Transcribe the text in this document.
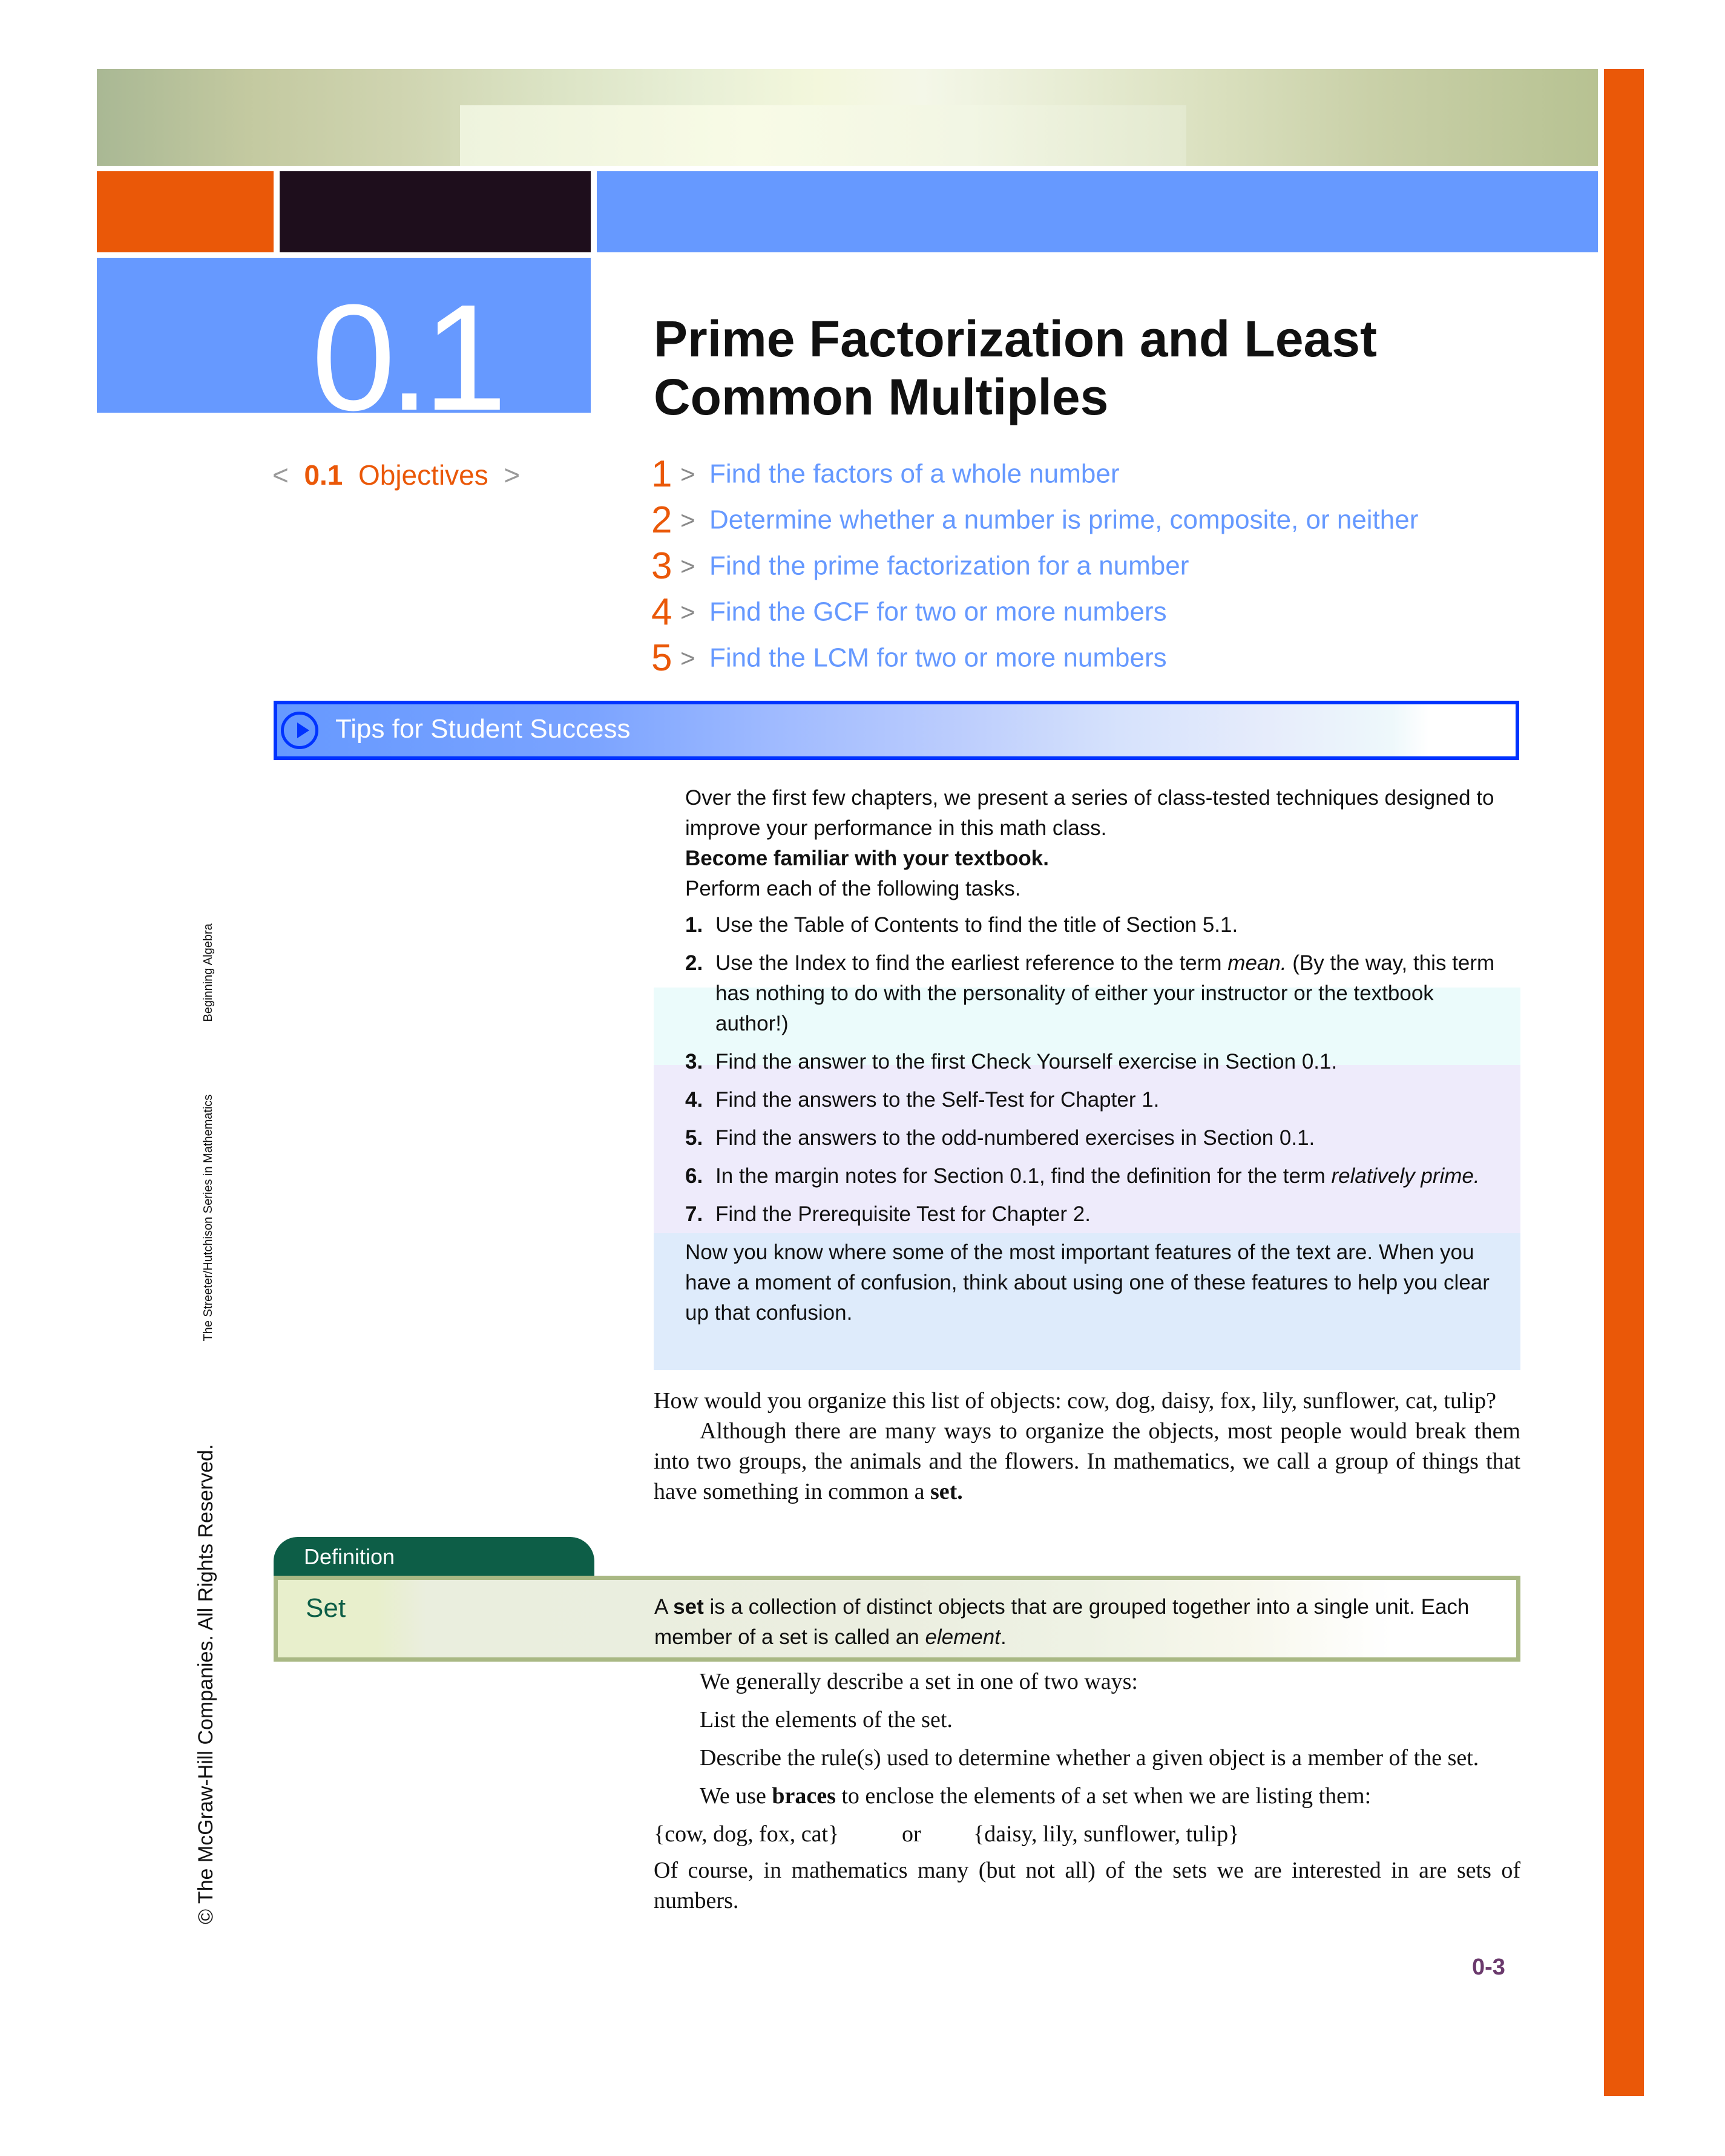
0.1	Prime Factorization and Least
Common Multiples
< 0.1 Objectives >	1 > Find the factors of a whole number
2 > Determine whether a number is prime, composite, or neither
3 > Find the prime factorization for a number
4 > Find the GCF for two or more numbers
5 > Find the LCM for two or more numbers
Tips for Student Success

Over the first few chapters, we present a series of class-tested techniques designed to improve your performance in this math class.

Become familiar with your textbook.

Perform each of the following tasks.

1. Use the Table of Contents to find the title of Section 5.1.
2. Use the Index to find the earliest reference to the term mean. (By the way, this term has nothing to do with the personality of either your instructor or the textbook author!)
3. Find the answer to the first Check Yourself exercise in Section 0.1.
4. Find the answers to the Self-Test for Chapter 1.
5. Find the answers to the odd-numbered exercises in Section 0.1.
6. In the margin notes for Section 0.1, find the definition for the term relatively prime.
7. Find the Prerequisite Test for Chapter 2.

Now you know where some of the most important features of the text are. When you have a moment of confusion, think about using one of these features to help you clear up that confusion.

How would you organize this list of objects: cow, dog, daisy, fox, lily, sunflower, cat, tulip?

Although there are many ways to organize the objects, most people would break them into two groups, the animals and the flowers. In mathematics, we call a group of things that have something in common a set.

Definition
Set	A set is a collection of distinct objects that are grouped together into a single unit. Each member of a set is called an element.

We generally describe a set in one of two ways:

List the elements of the set.

Describe the rule(s) used to determine whether a given object is a member of the set.

We use braces to enclose the elements of a set when we are listing them:

{cow, dog, fox, cat}	or	{daisy, lily, sunflower, tulip}

Of course, in mathematics many (but not all) of the sets we are interested in are sets of numbers.

0-3
© The McGraw-Hill Companies. All Rights Reserved.
The Streeter/Hutchison Series in Mathematics
Beginning Algebra
